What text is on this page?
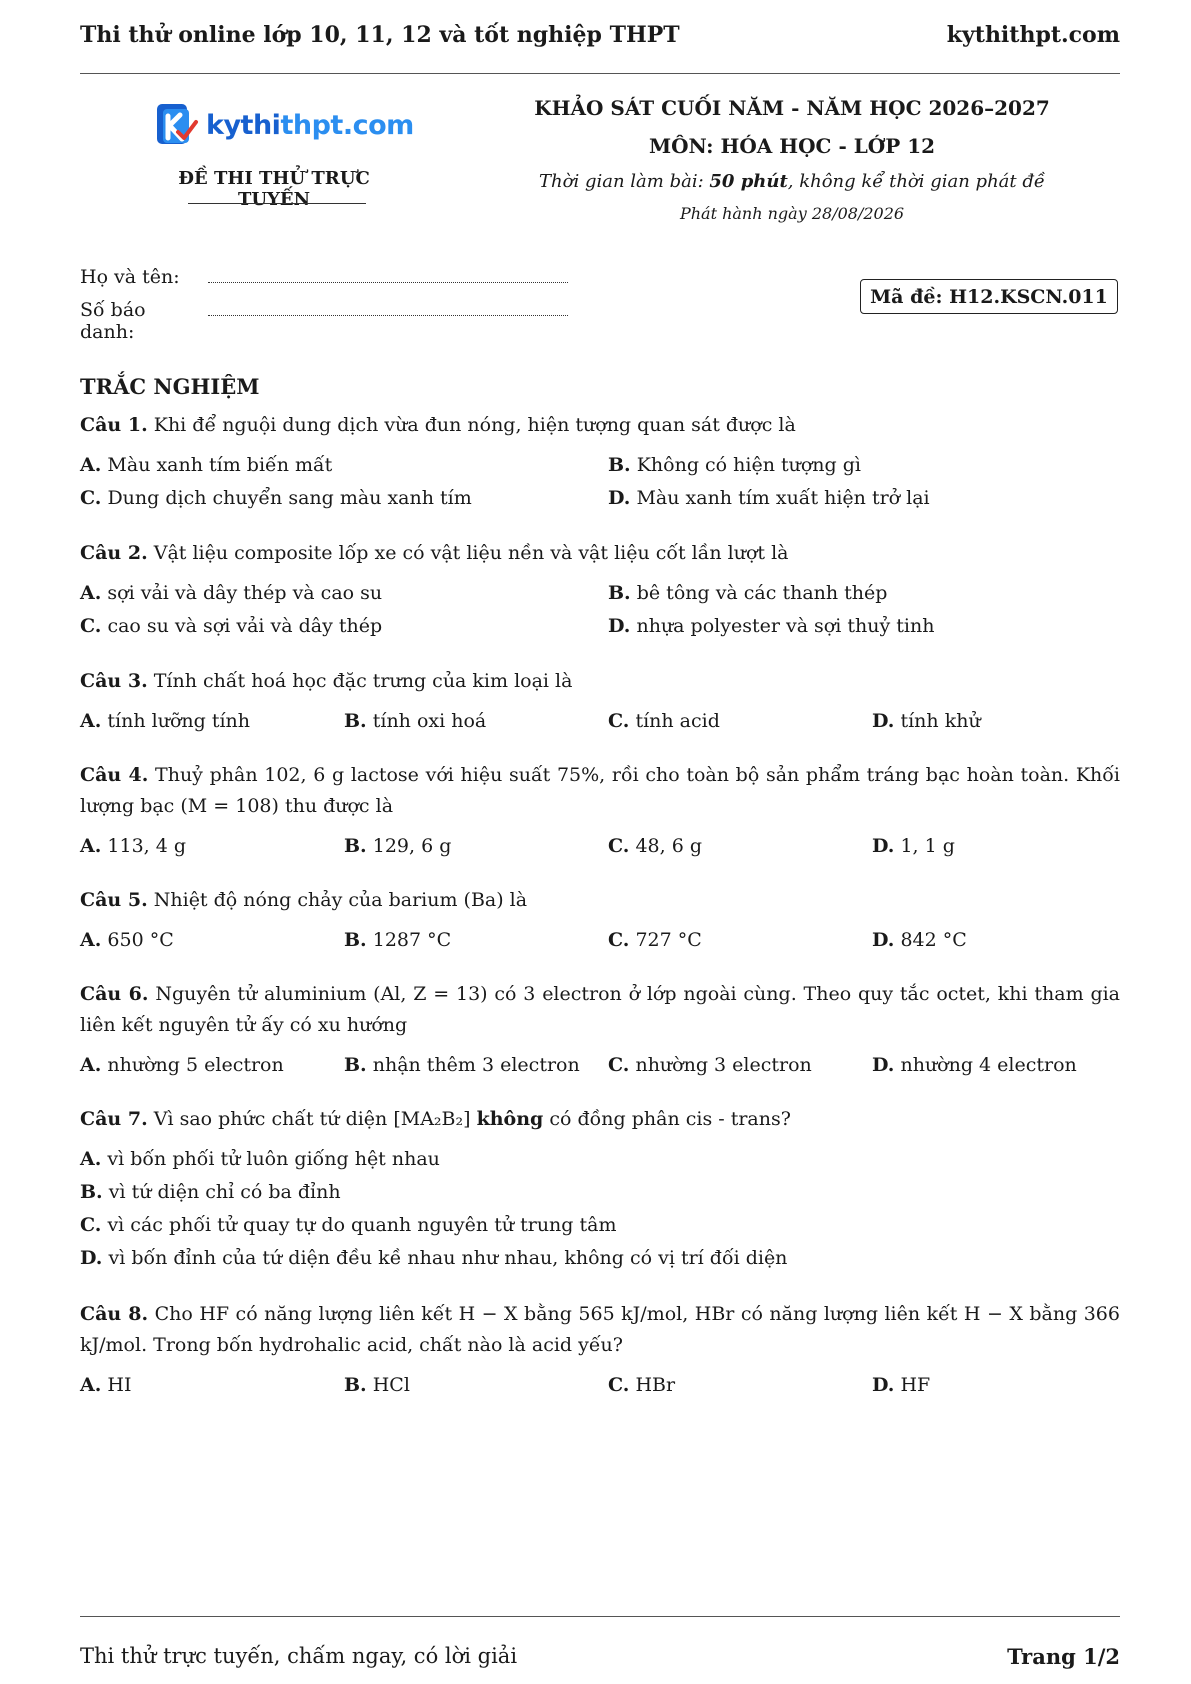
Thi thử online lớp 10, 11, 12 và tốt nghiệp THPT	kythithpt.com
kythithpt.com
ĐỀ THI THỬ TRỰC TUYẾN
KHẢO SÁT CUỐI NĂM - NĂM HỌC 2026–2027
MÔN: HÓA HỌC - LỚP 12
Thời gian làm bài: 50 phút, không kể thời gian phát đề
Phát hành ngày 28/08/2026
Họ và tên:
Số báo danh:
Mã đề: H12.KSCN.011
TRẮC NGHIỆM
Câu 1. Khi để nguội dung dịch vừa đun nóng, hiện tượng quan sát được là
A. Màu xanh tím biến mất	B. Không có hiện tượng gì
C. Dung dịch chuyển sang màu xanh tím	D. Màu xanh tím xuất hiện trở lại
Câu 2. Vật liệu composite lốp xe có vật liệu nền và vật liệu cốt lần lượt là
A. sợi vải và dây thép và cao su	B. bê tông và các thanh thép
C. cao su và sợi vải và dây thép	D. nhựa polyester và sợi thuỷ tinh
Câu 3. Tính chất hoá học đặc trưng của kim loại là
A. tính lưỡng tính	B. tính oxi hoá	C. tính acid	D. tính khử
Câu 4. Thuỷ phân 102, 6 g lactose với hiệu suất 75%, rồi cho toàn bộ sản phẩm tráng bạc hoàn toàn. Khối lượng bạc (M = 108) thu được là
A. 113, 4 g	B. 129, 6 g	C. 48, 6 g	D. 1, 1 g
Câu 5. Nhiệt độ nóng chảy của barium (Ba) là
A. 650 °C	B. 1287 °C	C. 727 °C	D. 842 °C
Câu 6. Nguyên tử aluminium (Al, Z = 13) có 3 electron ở lớp ngoài cùng. Theo quy tắc octet, khi tham gia liên kết nguyên tử ấy có xu hướng
A. nhường 5 electron	B. nhận thêm 3 electron	C. nhường 3 electron	D. nhường 4 electron
Câu 7. Vì sao phức chất tứ diện [MA₂B₂] không có đồng phân cis - trans?
A. vì bốn phối tử luôn giống hệt nhau
B. vì tứ diện chỉ có ba đỉnh
C. vì các phối tử quay tự do quanh nguyên tử trung tâm
D. vì bốn đỉnh của tứ diện đều kề nhau như nhau, không có vị trí đối diện
Câu 8. Cho HF có năng lượng liên kết H − X bằng 565 kJ/mol, HBr có năng lượng liên kết H − X bằng 366 kJ/mol. Trong bốn hydrohalic acid, chất nào là acid yếu?
A. HI	B. HCl	C. HBr	D. HF
Thi thử trực tuyến, chấm ngay, có lời giải	Trang 1/2
